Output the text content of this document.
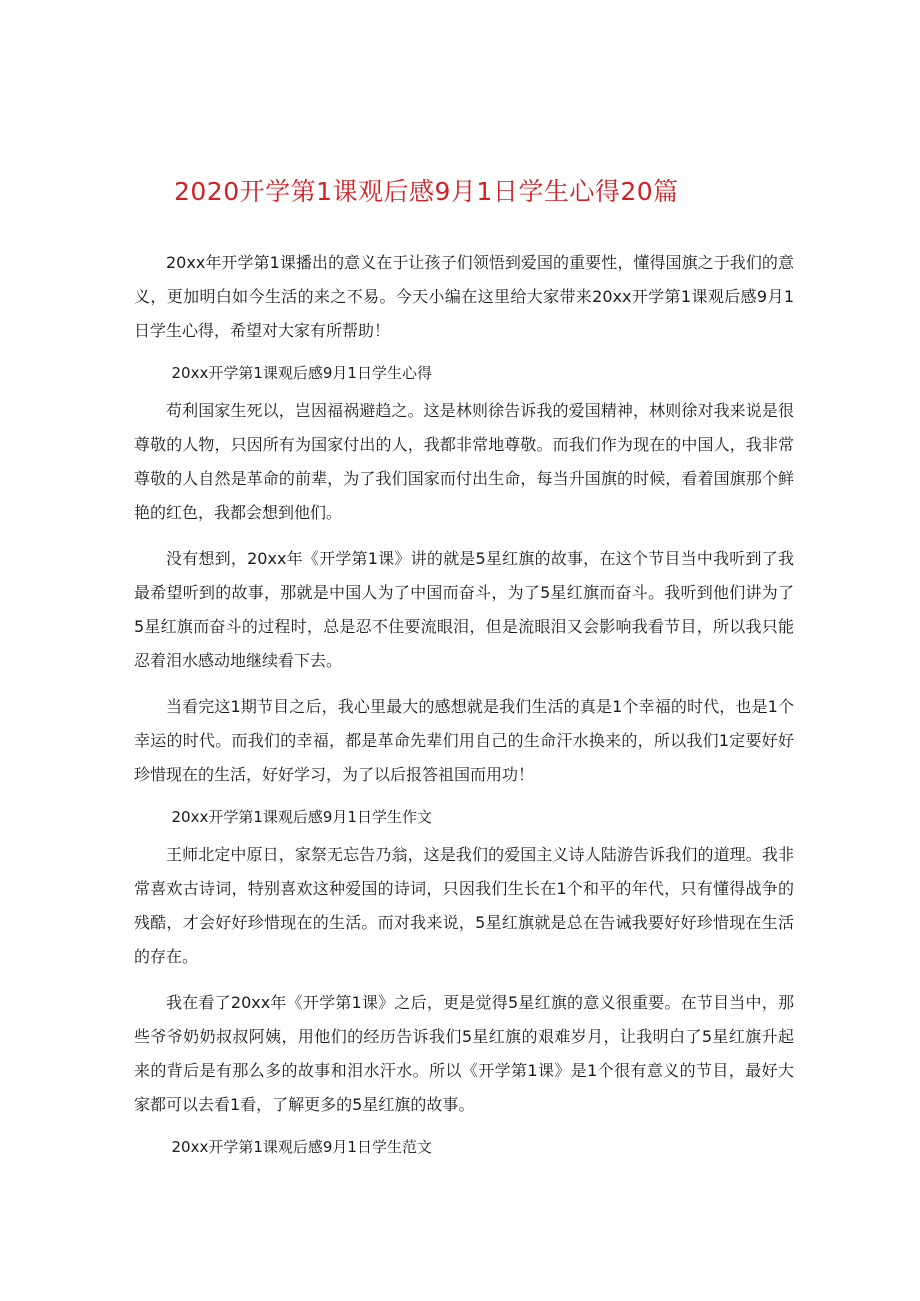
2020开学第1课观后感9月1日学生心得20篇

20xx年开学第1课播出的意义在于让孩子们领悟到爱国的重要性，懂得国旗之于我们的意义，更加明白如今生活的来之不易。今天小编在这里给大家带来20xx开学第1课观后感9月1日学生心得，希望对大家有所帮助！

20xx开学第1课观后感9月1日学生心得

苟利国家生死以，岂因福祸避趋之。这是林则徐告诉我的爱国精神，林则徐对我来说是很尊敬的人物，只因所有为国家付出的人，我都非常地尊敬。而我们作为现在的中国人，我非常尊敬的人自然是革命的前辈，为了我们国家而付出生命，每当升国旗的时候，看着国旗那个鲜艳的红色，我都会想到他们。

没有想到，20xx年《开学第1课》讲的就是5星红旗的故事，在这个节目当中我听到了我最希望听到的故事，那就是中国人为了中国而奋斗，为了5星红旗而奋斗。我听到他们讲为了5星红旗而奋斗的过程时，总是忍不住要流眼泪，但是流眼泪又会影响我看节目，所以我只能忍着泪水感动地继续看下去。

当看完这1期节目之后，我心里最大的感想就是我们生活的真是1个幸福的时代，也是1个幸运的时代。而我们的幸福，都是革命先辈们用自己的生命汗水换来的，所以我们1定要好好珍惜现在的生活，好好学习，为了以后报答祖国而用功！

20xx开学第1课观后感9月1日学生作文

王师北定中原日，家祭无忘告乃翁，这是我们的爱国主义诗人陆游告诉我们的道理。我非常喜欢古诗词，特别喜欢这种爱国的诗词，只因我们生长在1个和平的年代，只有懂得战争的残酷，才会好好珍惜现在的生活。而对我来说，5星红旗就是总在告诫我要好好珍惜现在生活的存在。

我在看了20xx年《开学第1课》之后，更是觉得5星红旗的意义很重要。在节目当中，那些爷爷奶奶叔叔阿姨，用他们的经历告诉我们5星红旗的艰难岁月，让我明白了5星红旗升起来的背后是有那么多的故事和泪水汗水。所以《开学第1课》是1个很有意义的节目，最好大家都可以去看1看，了解更多的5星红旗的故事。

20xx开学第1课观后感9月1日学生范文
